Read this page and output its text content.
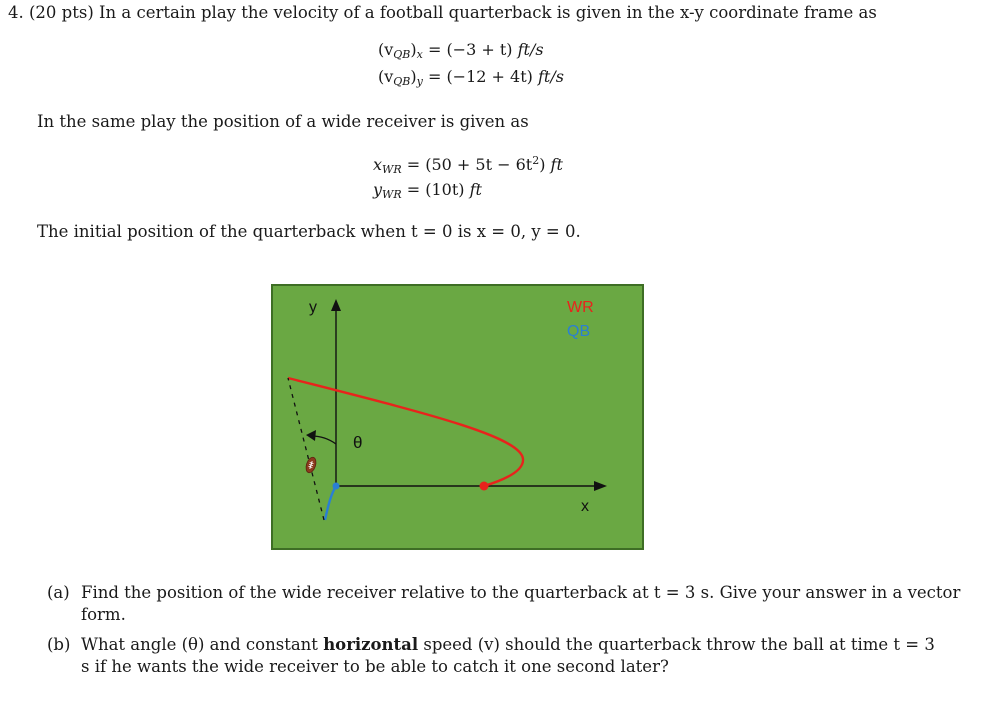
4. (20 pts) In a certain play the velocity of a football quarterback is given in the x-y coordinate frame as
$(v_{QB})_x = (-3 + t)$ ft/s
$(v_{QB})_y = (-12 + 4t)$ ft/s
In the same play the position of a wide receiver is given as
$x_{WR} = (50 + 5t - 6t^2)$ ft
$y_{WR} = (10t)$ ft
The initial position of the quarterback when t = 0 is x = 0, y = 0.
y
x
WR
QB
θ
(a) Find the position of the wide receiver relative to the quarterback at t = 3 s. Give your answer in a vector
form.
(b) What angle (θ) and constant horizontal speed (v) should the quarterback throw the ball at time t = 3
s if he wants the wide receiver to be able to catch it one second later?
